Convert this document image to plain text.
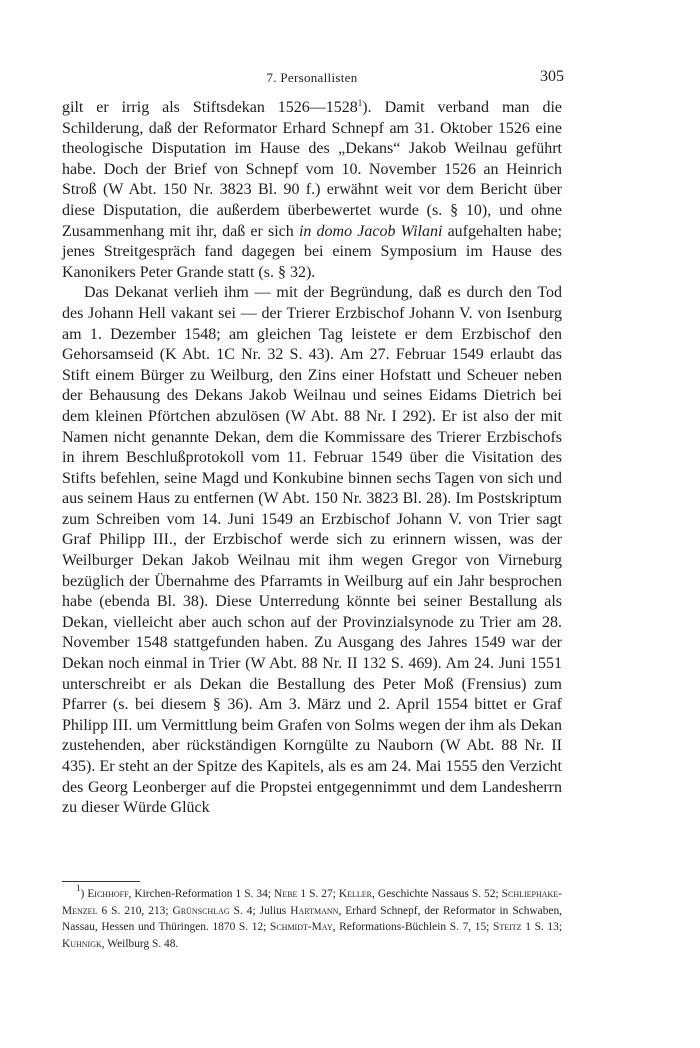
7. Personallisten	305

gilt er irrig als Stiftsdekan 1526—1528$^1$). Damit verband man die Schilderung, daß der Reformator Erhard Schnepf am 31. Oktober 1526 eine theologische Disputation im Hause des „Dekans“ Jakob Weilnau geführt habe. Doch der Brief von Schnepf vom 10. November 1526 an Heinrich Stroß (W Abt. 150 Nr. 3823 Bl. 90 f.) erwähnt weit vor dem Bericht über diese Disputation, die außerdem überbewertet wurde (s. § 10), und ohne Zusammenhang mit ihr, daß er sich in domo Jacob Wilani aufgehalten habe; jenes Streitgespräch fand dagegen bei einem Symposium im Hause des Kanonikers Peter Grande statt (s. § 32).

Das Dekanat verlieh ihm — mit der Begründung, daß es durch den Tod des Johann Hell vakant sei — der Trierer Erzbischof Johann V. von Isenburg am 1. Dezember 1548; am gleichen Tag leistete er dem Erzbischof den Gehorsamseid (K Abt. 1C Nr. 32 S. 43). Am 27. Februar 1549 erlaubt das Stift einem Bürger zu Weilburg, den Zins einer Hofstatt und Scheuer neben der Behausung des Dekans Jakob Weilnau und seines Eidams Dietrich bei dem kleinen Pförtchen abzulösen (W Abt. 88 Nr. I 292). Er ist also der mit Namen nicht genannte Dekan, dem die Kommissare des Trierer Erzbischofs in ihrem Beschlußprotokoll vom 11. Februar 1549 über die Visitation des Stifts befehlen, seine Magd und Konkubine binnen sechs Tagen von sich und aus seinem Haus zu entfernen (W Abt. 150 Nr. 3823 Bl. 28). Im Postskriptum zum Schreiben vom 14. Juni 1549 an Erzbischof Johann V. von Trier sagt Graf Philipp III., der Erzbischof werde sich zu erinnern wissen, was der Weilburger Dekan Jakob Weilnau mit ihm wegen Gregor von Virneburg bezüglich der Übernahme des Pfarramts in Weilburg auf ein Jahr besprochen habe (ebenda Bl. 38). Diese Unterredung könnte bei seiner Bestallung als Dekan, vielleicht aber auch schon auf der Provinzialsynode zu Trier am 28. November 1548 stattgefunden haben. Zu Ausgang des Jahres 1549 war der Dekan noch einmal in Trier (W Abt. 88 Nr. II 132 S. 469). Am 24. Juni 1551 unterschreibt er als Dekan die Bestallung des Peter Moß (Frensius) zum Pfarrer (s. bei diesem § 36). Am 3. März und 2. April 1554 bittet er Graf Philipp III. um Vermittlung beim Grafen von Solms wegen der ihm als Dekan zustehenden, aber rückständigen Korngülte zu Nauborn (W Abt. 88 Nr. II 435). Er steht an der Spitze des Kapitels, als es am 24. Mai 1555 den Verzicht des Georg Leonberger auf die Propstei entgegennimmt und dem Landesherrn zu dieser Würde Glück

$^1$) Eichhoff, Kirchen-Reformation 1 S. 34; Nebe 1 S. 27; Keller, Geschichte Nassaus S. 52; Schliephake-Menzel 6 S. 210, 213; Grünschlag S. 4; Julius Hartmann, Erhard Schnepf, der Reformator in Schwaben, Nassau, Hessen und Thüringen. 1870 S. 12; Schmidt-May, Reformations-Büchlein S. 7, 15; Steitz 1 S. 13; Kuhnigk, Weilburg S. 48.
